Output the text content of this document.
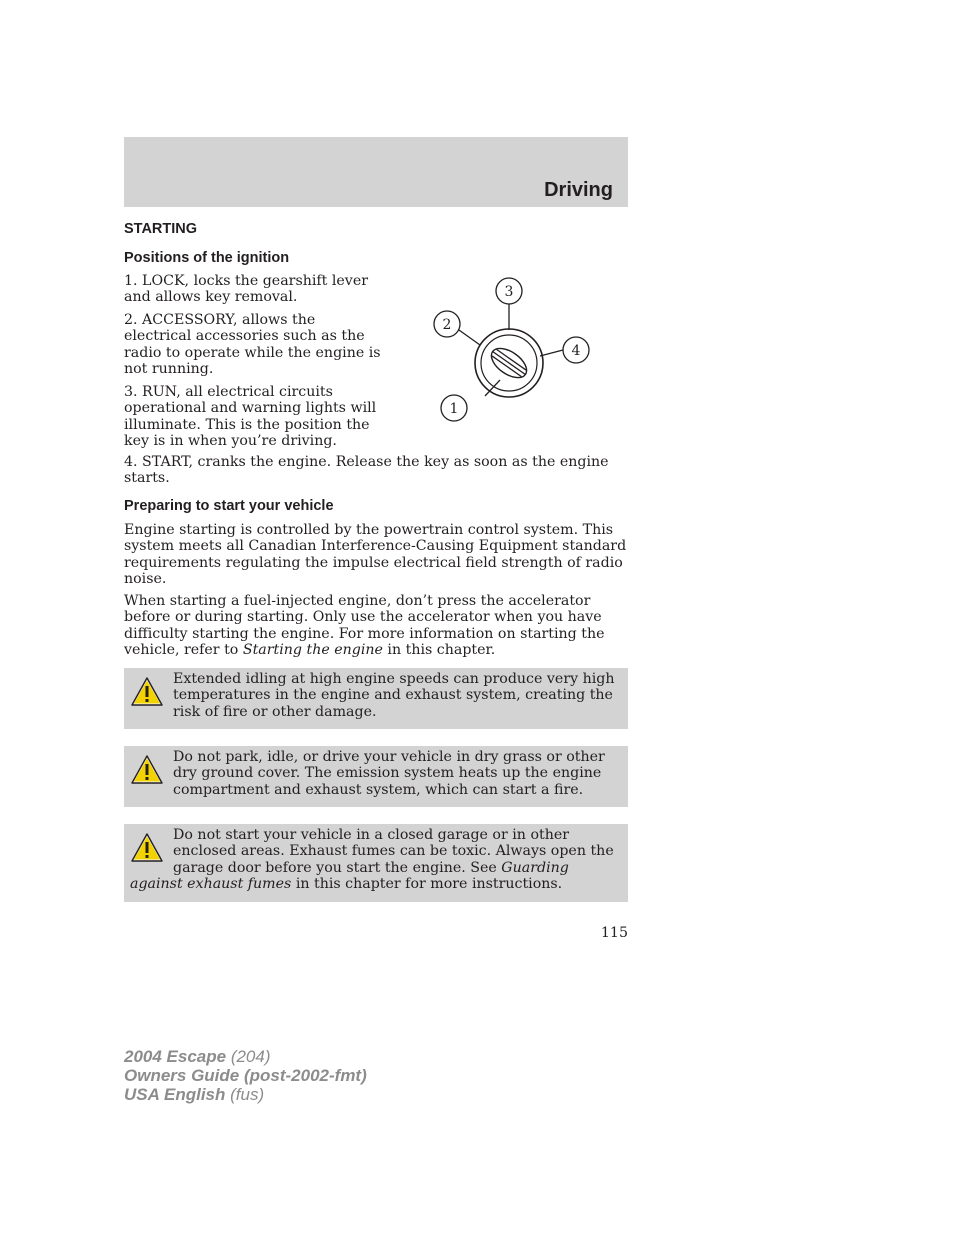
Driving
STARTING
Positions of the ignition

1. LOCK, locks the gearshift lever and allows key removal.

2. ACCESSORY, allows the electrical accessories such as the radio to operate while the engine is not running.

3. RUN, all electrical circuits operational and warning lights will illuminate. This is the position the key is in when you’re driving.

4. START, cranks the engine. Release the key as soon as the engine starts.

1
2
3
4
Preparing to start your vehicle

Engine starting is controlled by the powertrain control system. This system meets all Canadian Interference-Causing Equipment standard requirements regulating the impulse electrical field strength of radio noise.

When starting a fuel-injected engine, don’t press the accelerator before or during starting. Only use the accelerator when you have difficulty starting the engine. For more information on starting the vehicle, refer to Starting the engine in this chapter.

Extended idling at high engine speeds can produce very high temperatures in the engine and exhaust system, creating the risk of fire or other damage.

Do not park, idle, or drive your vehicle in dry grass or other dry ground cover. The emission system heats up the engine compartment and exhaust system, which can start a fire.

Do not start your vehicle in a closed garage or in other enclosed areas. Exhaust fumes can be toxic. Always open the garage door before you start the engine. See Guarding against exhaust fumes in this chapter for more instructions.

115
2004 Escape (204)
Owners Guide (post-2002-fmt)
USA English (fus)
